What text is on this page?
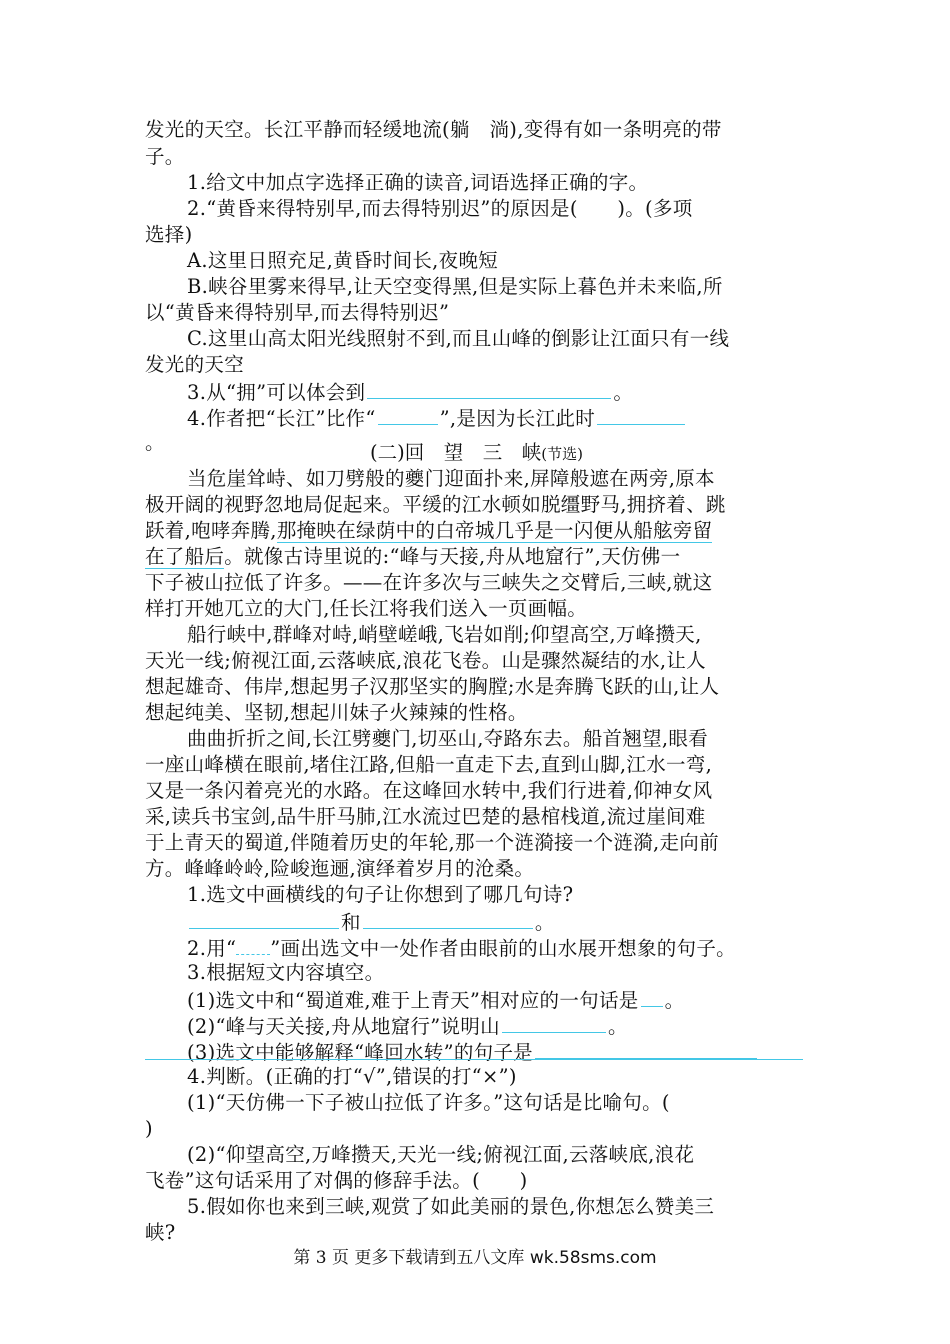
发光的天空。长江平静而轻缓地流(躺　淌),变得有如一条明亮的带
子。
1.给文中加点字选择正确的读音,词语选择正确的字。
2.“黄昏来得特别早,而去得特别迟”的原因是(　　)。(多项
选择)
A.这里日照充足,黄昏时间长,夜晚短
B.峡谷里雾来得早,让天空变得黑,但是实际上暮色并未来临,所
以“黄昏来得特别早,而去得特别迟”
C.这里山高太阳光线照射不到,而且山峰的倒影让江面只有一线
发光的天空
3.从“拥”可以体会到	。
4.作者把“长江”比作“	”,是因为长江此时
。	(二)回　望　三　峡(节选)
当危崖耸峙、如刀劈般的夔门迎面扑来,屏障般遮在两旁,原本
极开阔的视野忽地局促起来。平缓的江水顿如脱缰野马,拥挤着、跳
跃着,咆哮奔腾,那掩映在绿荫中的白帝城几乎是一闪便从船舷旁留
在了船后。就像古诗里说的:“峰与天接,舟从地窟行”,天仿佛一
下子被山拉低了许多。——在许多次与三峡失之交臂后,三峡,就这
样打开她兀立的大门,任长江将我们送入一页画幅。
船行峡中,群峰对峙,峭壁嵯峨,飞岩如削;仰望高空,万峰攒天,
天光一线;俯视江面,云落峡底,浪花飞卷。山是骤然凝结的水,让人
想起雄奇、伟岸,想起男子汉那坚实的胸膛;水是奔腾飞跃的山,让人
想起纯美、坚韧,想起川妹子火辣辣的性格。
曲曲折折之间,长江劈夔门,切巫山,夺路东去。船首翘望,眼看
一座山峰横在眼前,堵住江路,但船一直走下去,直到山脚,江水一弯,
又是一条闪着亮光的水路。在这峰回水转中,我们行进着,仰神女风
采,读兵书宝剑,品牛肝马肺,江水流过巴楚的悬棺栈道,流过崖间难
于上青天的蜀道,伴随着历史的年轮,那一个涟漪接一个涟漪,走向前
方。峰峰岭岭,险峻迤逦,演绎着岁月的沧桑。
1.选文中画横线的句子让你想到了哪几句诗?
和	。
2.用“ ”画出选文中一处作者由眼前的山水展开想象的句子。
3.根据短文内容填空。
(1)选文中和“蜀道难,难于上青天”相对应的一句话是 。
(2)“峰与天关接,舟从地窟行”说明山	。
(3)选文中能够解释“峰回水转”的句子是
4.判断。(正确的打“√”,错误的打“×”)
(1)“天仿佛一下子被山拉低了许多。”这句话是比喻句。(
)
(2)“仰望高空,万峰攒天,天光一线;俯视江面,云落峡底,浪花
飞卷”这句话采用了对偶的修辞手法。(　　)
5.假如你也来到三峡,观赏了如此美丽的景色,你想怎么赞美三
峡?
第 3 页 更多下载请到五八文库 wk.58sms.com
